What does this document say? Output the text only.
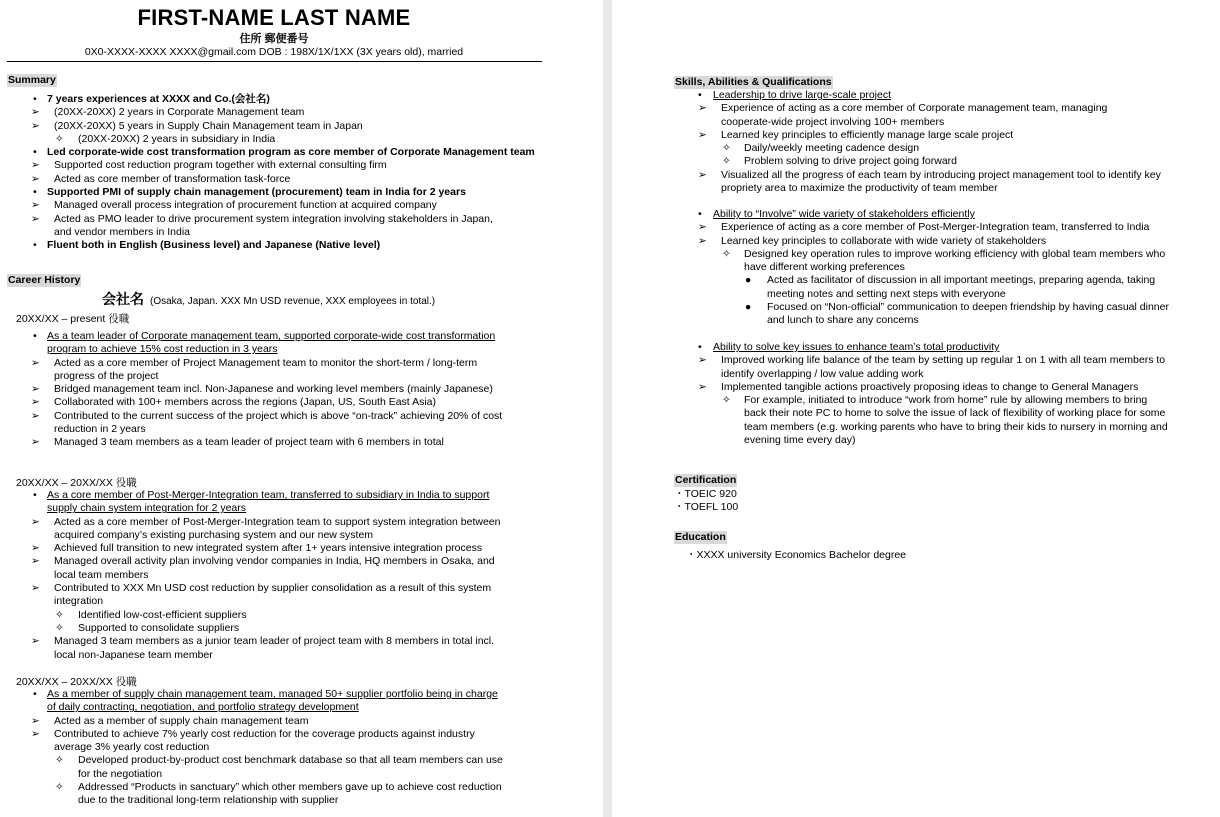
FIRST-NAME LAST NAME
住所 郵便番号
0X0-XXXX-XXXX XXXX@gmail.com DOB : 198X/1X/1XX (3X years old), married
Summary
• 7 years experiences at XXXX and Co.(会社名)
➢ (20XX-20XX) 2 years in Corporate Management team
➢ (20XX-20XX) 5 years in Supply Chain Management team in Japan
✧ (20XX-20XX) 2 years in subsidiary in India
• Led corporate-wide cost transformation program as core member of Corporate Management team
➢ Supported cost reduction program together with external consulting firm
➢ Acted as core member of transformation task-force
• Supported PMI of supply chain management (procurement) team in India for 2 years
➢ Managed overall process integration of procurement function at acquired company
➢ Acted as PMO leader to drive procurement system integration involving stakeholders in Japan,
and vendor members in India
• Fluent both in English (Business level) and Japanese (Native level)
Career History
会社名 (Osaka, Japan. XXX Mn USD revenue, XXX employees in total.)
20XX/XX – present 役職
• As a team leader of Corporate management team, supported corporate-wide cost transformation
program to achieve 15% cost reduction in 3 years
➢ Acted as a core member of Project Management team to monitor the short-term / long-term
progress of the project
➢ Bridged management team incl. Non-Japanese and working level members (mainly Japanese)
➢ Collaborated with 100+ members across the regions (Japan, US, South East Asia)
➢ Contributed to the current success of the project which is above “on-track” achieving 20% of cost
reduction in 2 years
➢ Managed 3 team members as a team leader of project team with 6 members in total
20XX/XX – 20XX/XX 役職
• As a core member of Post-Merger-Integration team, transferred to subsidiary in India to support
supply chain system integration for 2 years
➢ Acted as a core member of Post-Merger-Integration team to support system integration between
acquired company’s existing purchasing system and our new system
➢ Achieved full transition to new integrated system after 1+ years intensive integration process
➢ Managed overall activity plan involving vendor companies in India, HQ members in Osaka, and
local team members
➢ Contributed to XXX Mn USD cost reduction by supplier consolidation as a result of this system
integration
✧ Identified low-cost-efficient suppliers
✧ Supported to consolidate suppliers
➢ Managed 3 team members as a junior team leader of project team with 8 members in total incl.
local non-Japanese team member
20XX/XX – 20XX/XX 役職
• As a member of supply chain management team, managed 50+ supplier portfolio being in charge
of daily contracting, negotiation, and portfolio strategy development
➢ Acted as a member of supply chain management team
➢ Contributed to achieve 7% yearly cost reduction for the coverage products against industry
average 3% yearly cost reduction
✧ Developed product-by-product cost benchmark database so that all team members can use
for the negotiation
✧ Addressed “Products in sanctuary” which other members gave up to achieve cost reduction
due to the traditional long-term relationship with supplier
Skills, Abilities & Qualifications
• Leadership to drive large-scale project
➢ Experience of acting as a core member of Corporate management team, managing
cooperate-wide project involving 100+ members
➢ Learned key principles to efficiently manage large scale project
✧ Daily/weekly meeting cadence design
✧ Problem solving to drive project going forward
➢ Visualized all the progress of each team by introducing project management tool to identify key
propriety area to maximize the productivity of team member
• Ability to “Involve” wide variety of stakeholders efficiently
➢ Experience of acting as a core member of Post-Merger-Integration team, transferred to India
➢ Learned key principles to collaborate with wide variety of stakeholders
✧ Designed key operation rules to improve working efficiency with global team members who
have different working preferences
● Acted as facilitator of discussion in all important meetings, preparing agenda, taking
meeting notes and setting next steps with everyone
● Focused on “Non-official” communication to deepen friendship by having casual dinner
and lunch to share any concerns
• Ability to solve key issues to enhance team’s total productivity
➢ Improved working life balance of the team by setting up regular 1 on 1 with all team members to
identify overlapping / low value adding work
➢ Implemented tangible actions proactively proposing ideas to change to General Managers
✧ For example, initiated to introduce “work from home” rule by allowing members to bring
back their note PC to home to solve the issue of lack of flexibility of working place for some
team members (e.g. working parents who have to bring their kids to nursery in morning and
evening time every day)
Certification
・TOEIC 920
・TOEFL 100
Education
・XXXX university Economics Bachelor degree
